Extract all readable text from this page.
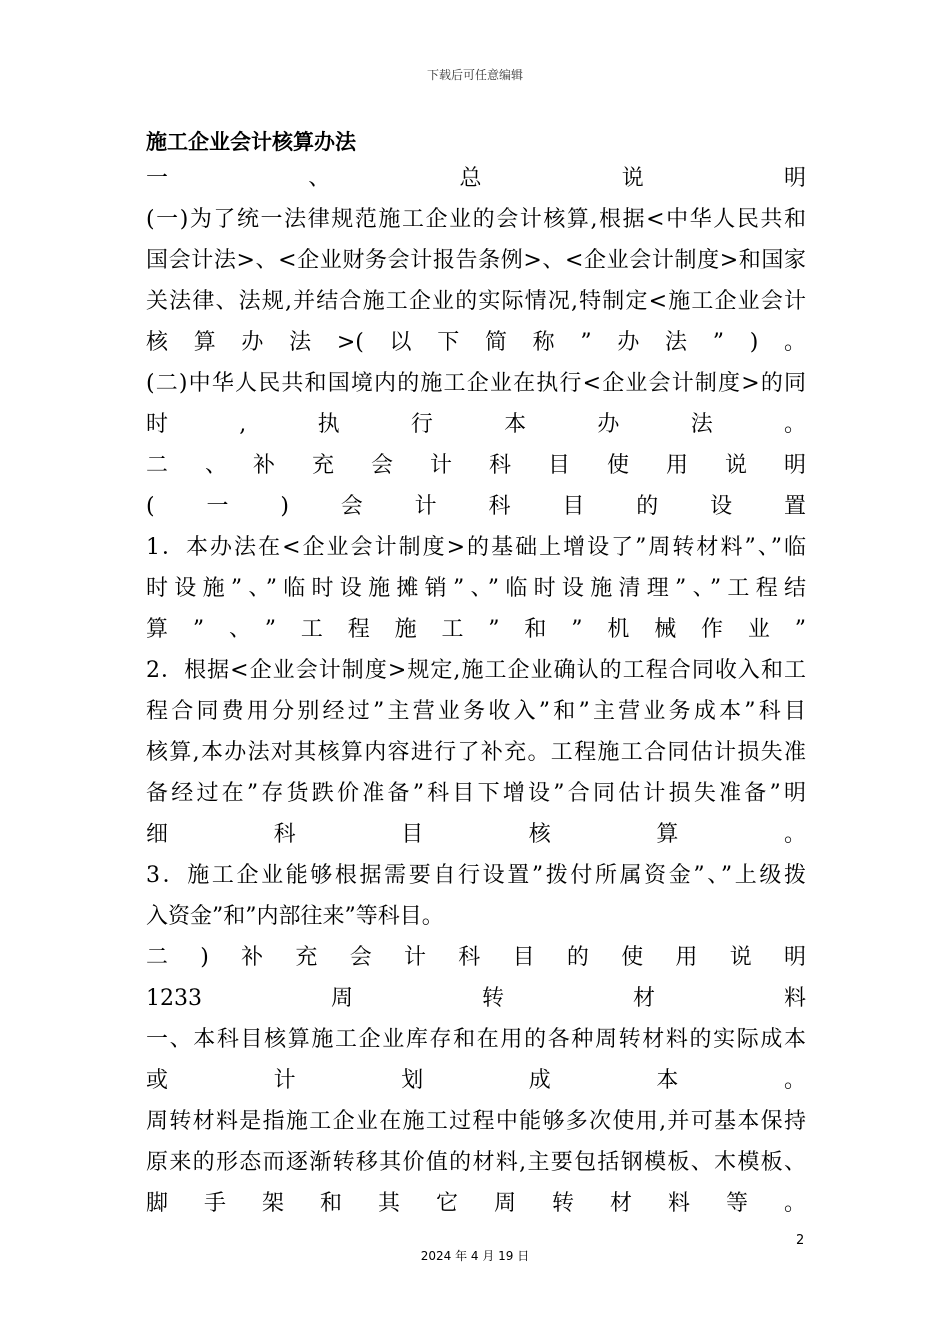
下载后可任意编辑
施工企业会计核算办法
一　　　　、　　　　总　　　　说　　　　明
(一)为了统一法律规范施工企业的会计核算,根据<中华人民共和
国会计法>、<企业财务会计报告条例>、<企业会计制度>和国家
关法律、法规,并结合施工企业的实际情况,特制定<施工企业会计
核　算　办　法　>(　以　下　简　称　”　办　法　”　)　。
(二)中华人民共和国境内的施工企业在执行<企业会计制度>的同
时　　,　　执　　行　　本　　办　　法　　。
二　、　补　充　会　计　科　目　使　用　说　明
(　一　)　会　计　科　目　的　设　置
1．本办法在<企业会计制度>的基础上增设了”周转材料”、”临
时设施”、”临时设施摊销”、”临时设施清理”、”工程结
算　”　、　”　工　程　施　工　”　和　”　机　械　作　业　”　　　
2．根据<企业会计制度>规定,施工企业确认的工程合同收入和工
程合同费用分别经过”主营业务收入”和”主营业务成本”科目
核算,本办法对其核算内容进行了补充。工程施工合同估计损失准
备经过在”存货跌价准备”科目下增设”合同估计损失准备”明
细　　科　　目　　核　　算　　。
3．施工企业能够根据需要自行设置”拨付所属资金”、”上级拨
入资金”和”内部往来”等科目。
二　)　补　充　会　计　科　目　的　使　用　说　明
1233　　　　周　　　　转　　　　材　　　　料
一、本科目核算施工企业库存和在用的各种周转材料的实际成本
或　　计　　划　　成　　本　　。
周转材料是指施工企业在施工过程中能够多次使用,并可基本保持
原来的形态而逐渐转移其价值的材料,主要包括钢模板、木模板、
脚　手　架　和　其　它　周　转　材　料　等　。
2
2024 年 4 月 19 日
